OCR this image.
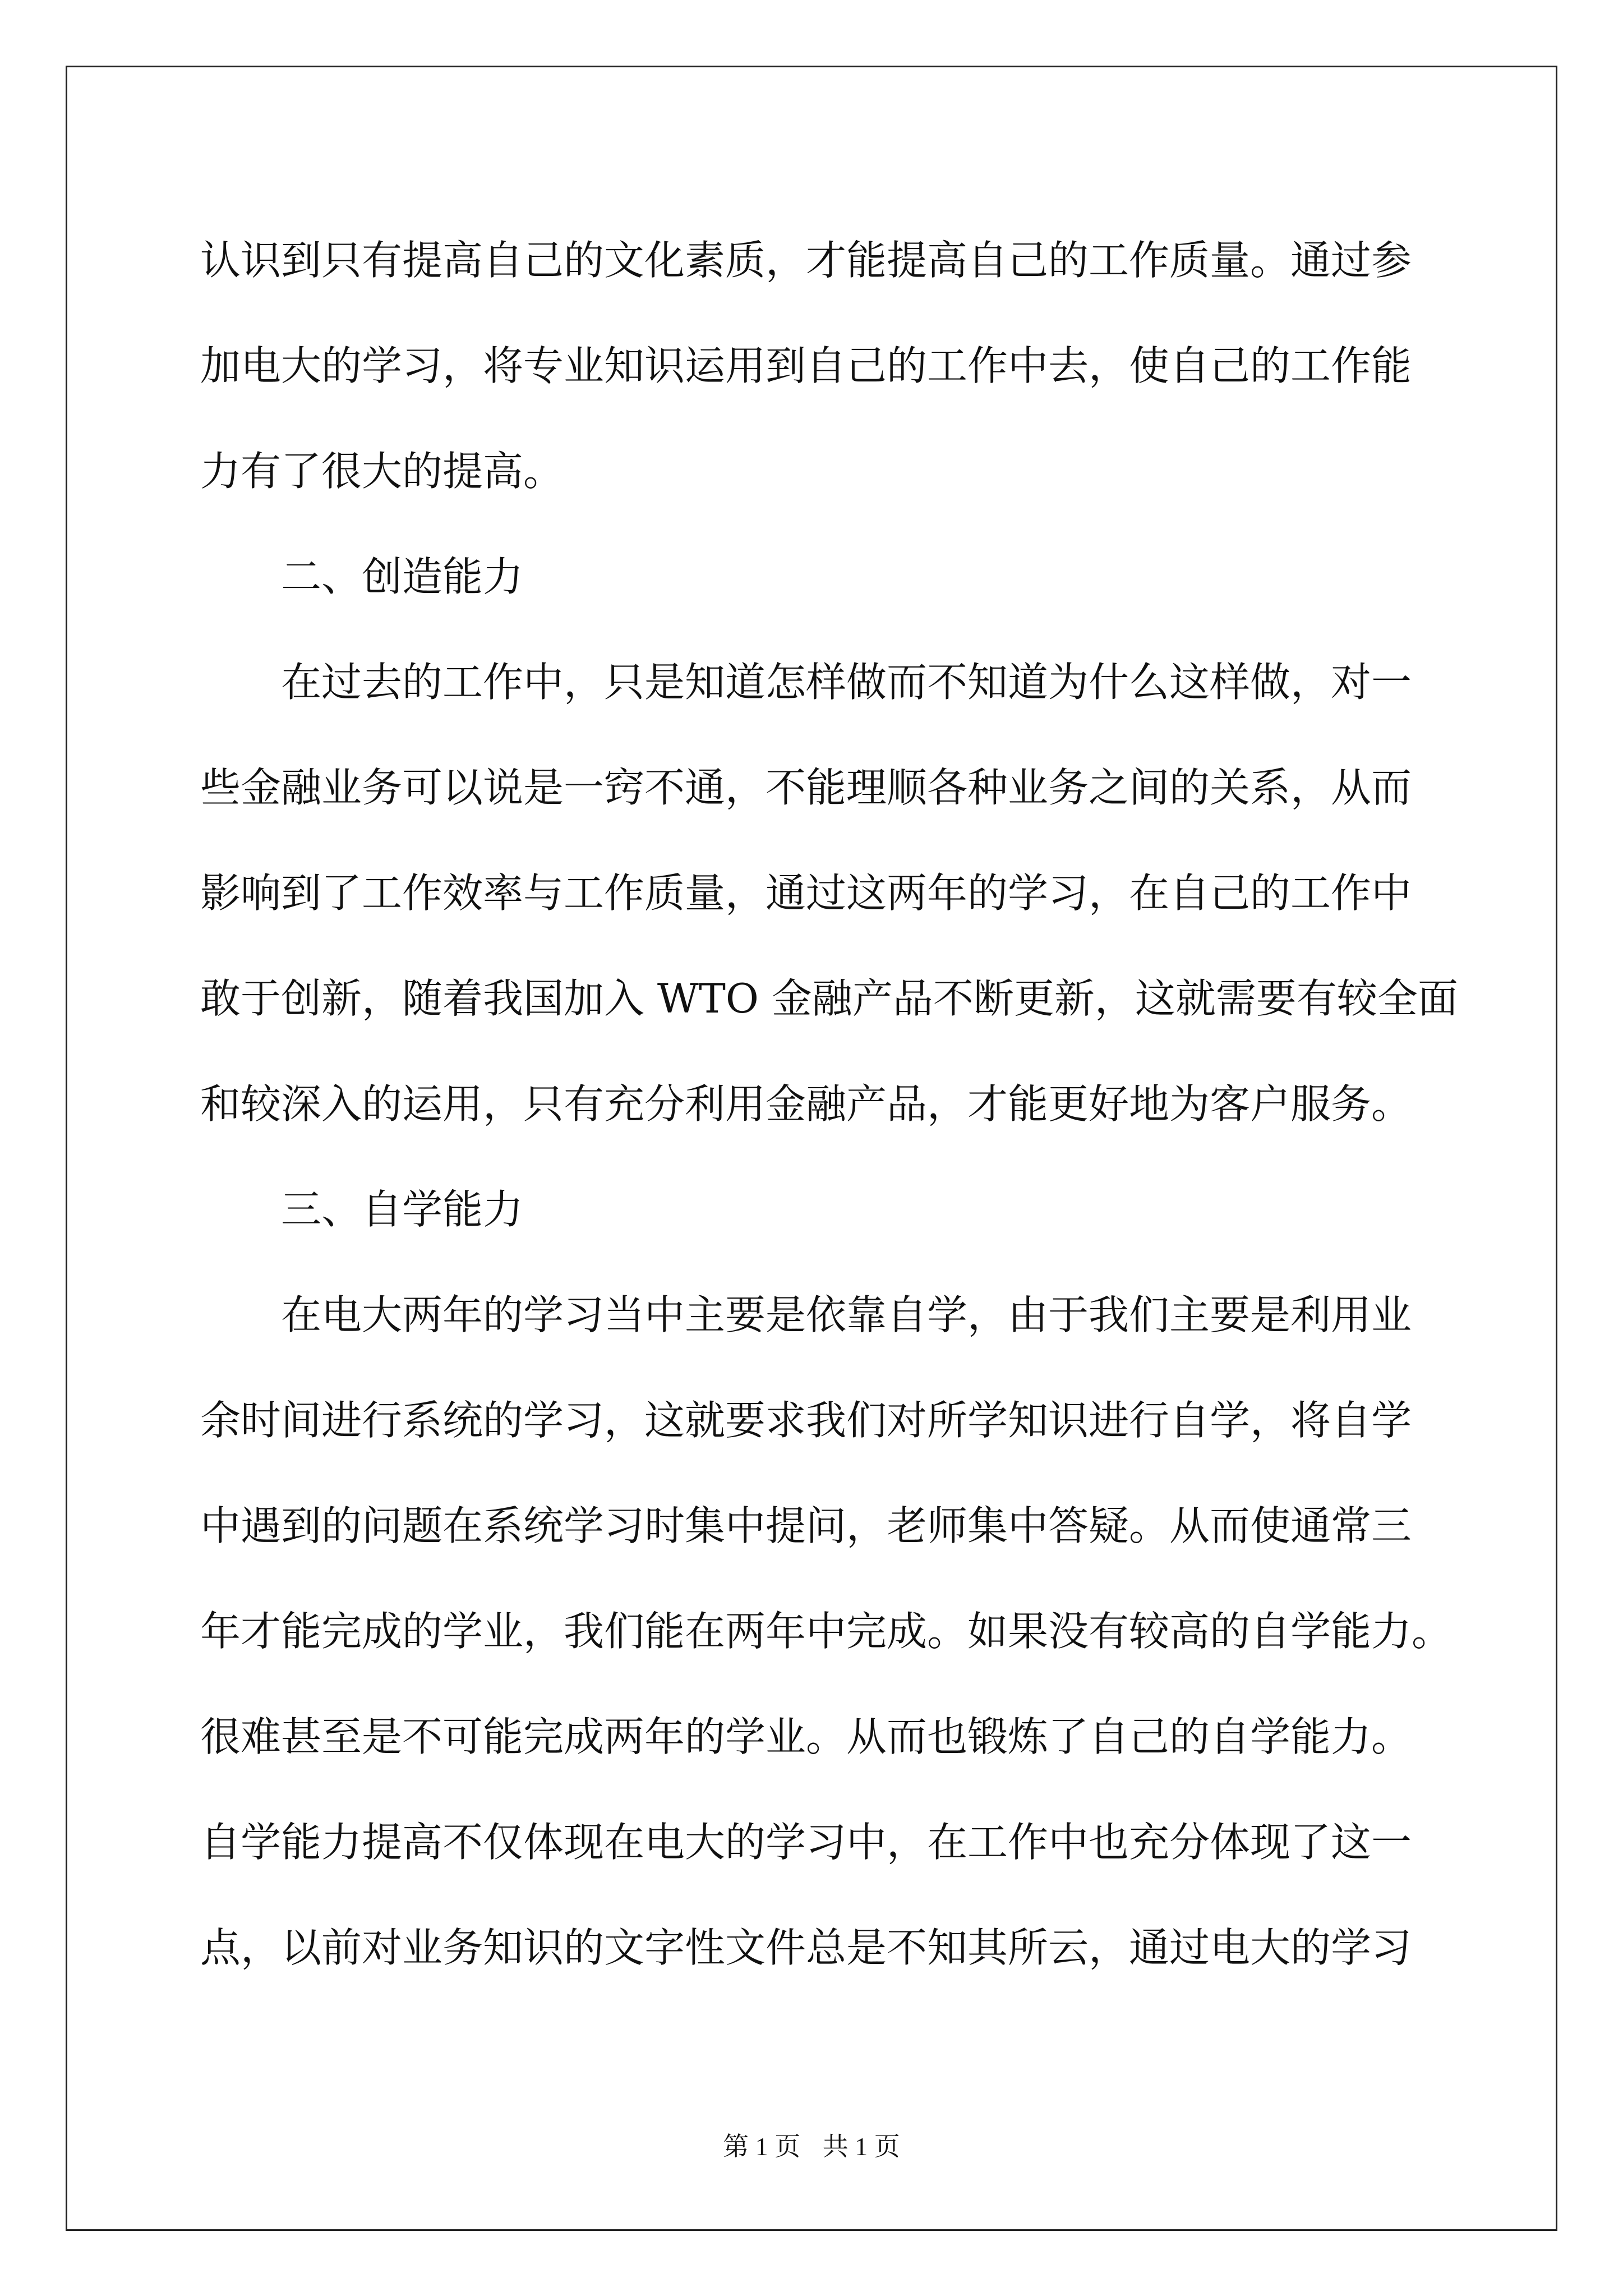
认识到只有提高自己的文化素质，才能提高自己的工作质量。通过参
加电大的学习，将专业知识运用到自己的工作中去，使自己的工作能
力有了很大的提高。
二、创造能力
在过去的工作中，只是知道怎样做而不知道为什么这样做，对一
些金融业务可以说是一窍不通，不能理顺各种业务之间的关系，从而
影响到了工作效率与工作质量，通过这两年的学习，在自己的工作中
敢于创新，随着我国加入 WTO 金融产品不断更新，这就需要有较全面
和较深入的运用，只有充分利用金融产品，才能更好地为客户服务。
三、自学能力
在电大两年的学习当中主要是依靠自学，由于我们主要是利用业
余时间进行系统的学习，这就要求我们对所学知识进行自学，将自学
中遇到的问题在系统学习时集中提问，老师集中答疑。从而使通常三
年才能完成的学业，我们能在两年中完成。如果没有较高的自学能力。
很难甚至是不可能完成两年的学业。从而也锻炼了自己的自学能力。
自学能力提高不仅体现在电大的学习中，在工作中也充分体现了这一
点，以前对业务知识的文字性文件总是不知其所云，通过电大的学习
第 1 页 共 1 页
